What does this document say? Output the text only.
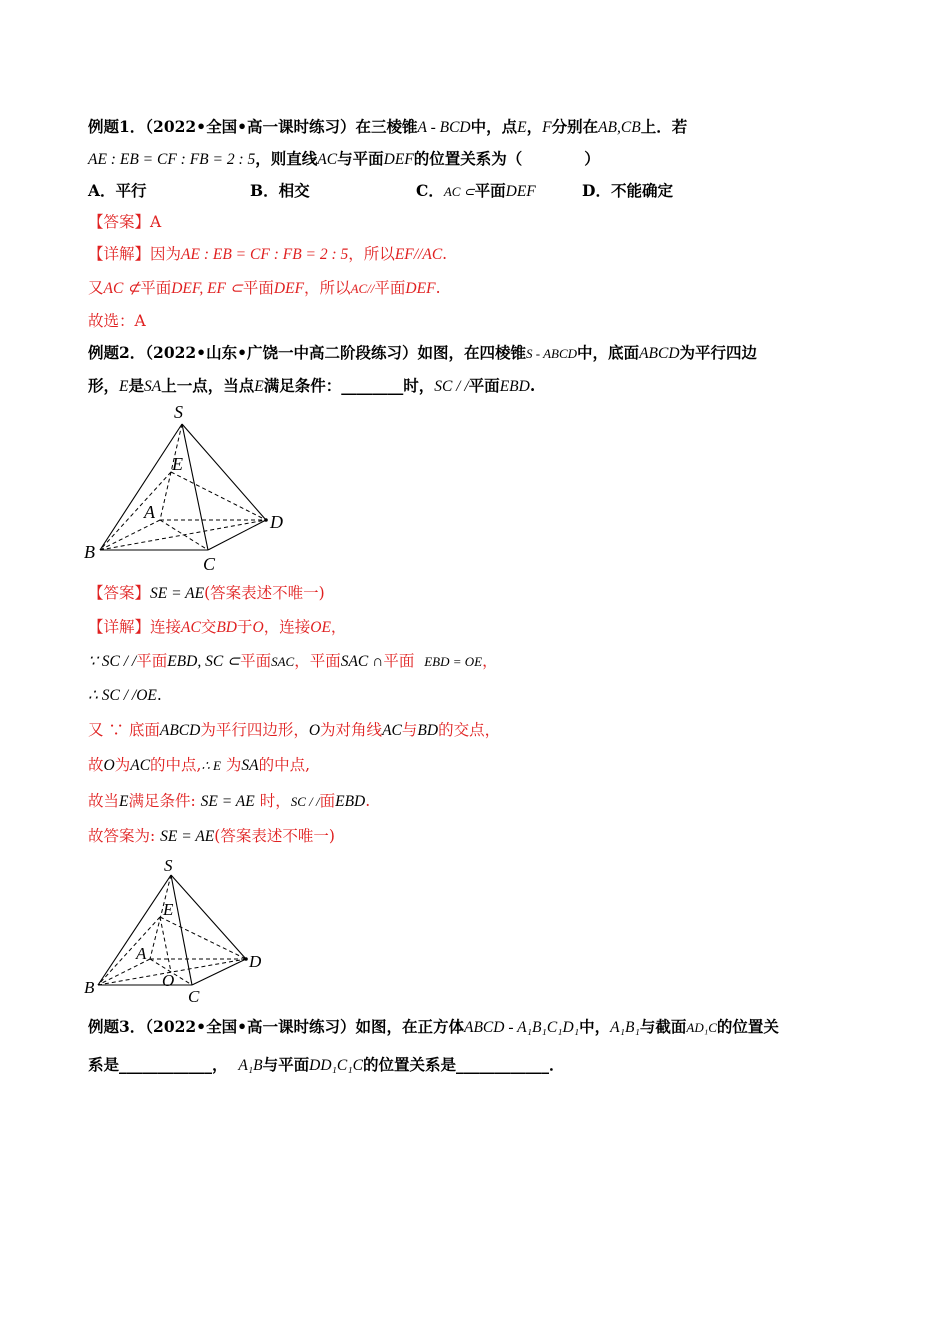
例题1．（2022•全国•高一课时练习）在三棱锥A - BCD中，点E，F分别在AB,CB上．若
AE : EB = CF : FB = 2 : 5，则直线AC与平面DEF的位置关系为（　　　　）
A．平行	B．相交	C．AC ⊂平面DEF	D．不能确定
【答案】A
【详解】因为AE : EB = CF : FB = 2 : 5，所以EF//AC.
又AC ⊄平面DEF, EF ⊂平面DEF，所以AC//平面DEF.
故选：A
例题2．（2022•山东•广饶一中高二阶段练习）如图，在四棱锥S - ABCD中，底面ABCD为平行四边
形，E是SA上一点，当点E满足条件：________时，SC / /平面EBD.
S
E
A	D
B
C
【答案】SE = AE(答案表述不唯一)
【详解】连接AC交BD于O，连接OE，
∵ SC / /平面EBD, SC ⊂平面SAC，平面SAC ∩平面 EBD = OE，
∴ SC / /OE.
又 ∵ 底面ABCD为平行四边形，O为对角线AC与BD的交点，
故O为AC的中点,∴ E 为SA的中点,
故当E满足条件: SE = AE 时，SC / /面EBD.
故答案为: SE = AE(答案表述不唯一)
S
E
A
O
D
B	C
例题3．（2022•全国•高一课时练习）如图，在正方体ABCD - A₁B₁C₁D₁中，A₁B₁与截面AD₁C的位置关
系是____________， A₁B与平面DD₁C₁C的位置关系是____________．
